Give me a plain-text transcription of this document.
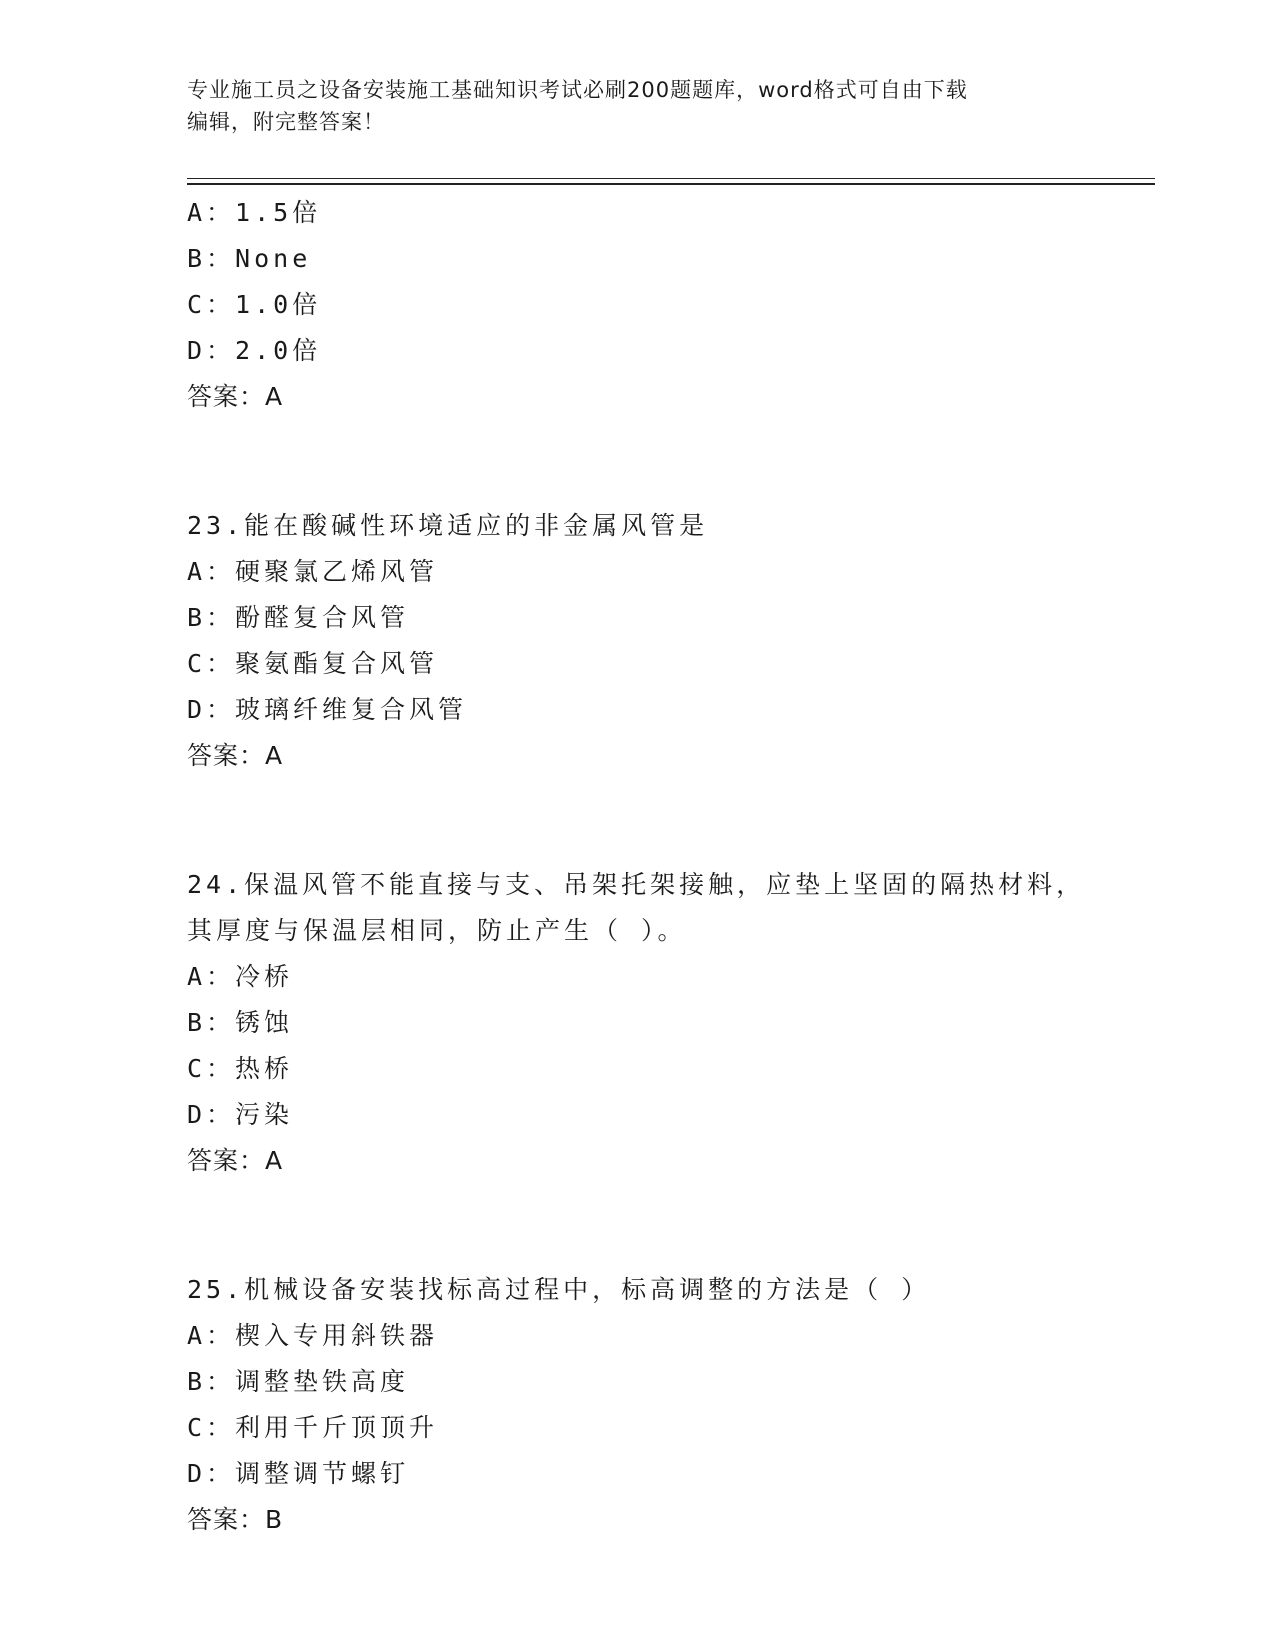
专业施工员之设备安装施工基础知识考试必刷200题题库，word格式可自由下载
编辑，附完整答案！
A：1.5倍
B：None
C：1.0倍
D：2.0倍
答案：A
23.能在酸碱性环境适应的非金属风管是
A：硬聚氯乙烯风管
B：酚醛复合风管
C：聚氨酯复合风管
D：玻璃纤维复合风管
答案：A
24.保温风管不能直接与支、吊架托架接触，应垫上坚固的隔热材料，
其厚度与保温层相同，防止产生（ ）。
A：冷桥
B：锈蚀
C：热桥
D：污染
答案：A
25.机械设备安装找标高过程中，标高调整的方法是（ ）
A：楔入专用斜铁器
B：调整垫铁高度
C：利用千斤顶顶升
D：调整调节螺钉
答案：B
